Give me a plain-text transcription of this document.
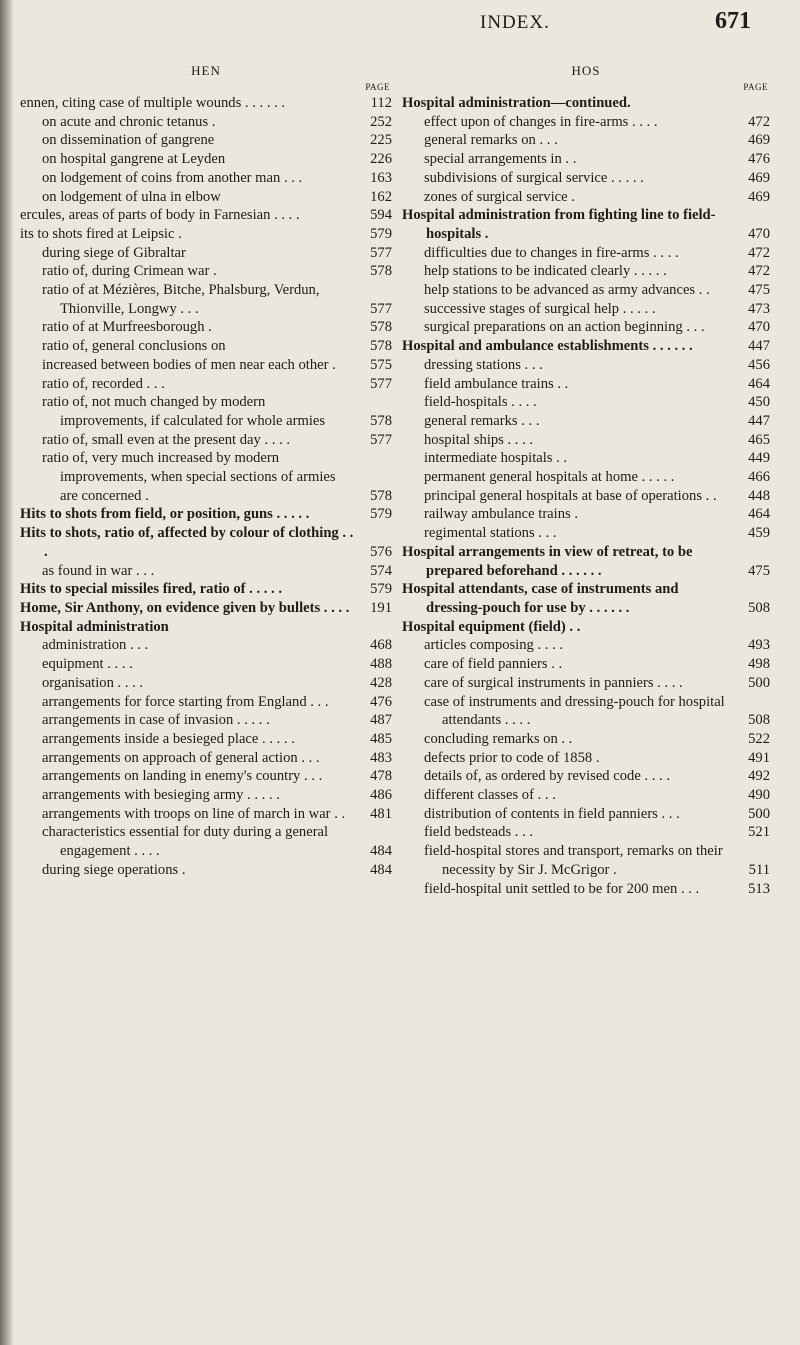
INDEX.	671
HEN
PAGE
ennen, citing case of multiple wounds . . . . . .	112
on acute and chronic tetanus .	252
on dissemination of gangrene	225
on hospital gangrene at Leyden	226
on lodgement of coins from another man . . .	163
on lodgement of ulna in elbow	162
ercules, areas of parts of body in Farnesian . . . .	594
its to shots fired at Leipsic .	579
during siege of Gibraltar	577
ratio of, during Crimean war .	578
ratio of at Mézières, Bitche, Phalsburg, Verdun, Thionville, Longwy . . .	577
ratio of at Murfreesborough .	578
ratio of, general conclusions on	578
increased between bodies of men near each other .	575
ratio of, recorded . . .	577
ratio of, not much changed by modern improvements, if calculated for whole armies	578
ratio of, small even at the present day . . . .	577
ratio of, very much increased by modern improvements, when special sections of armies are concerned .	578
Hits to shots from field, or position, guns . . . . .	579
Hits to shots, ratio of, affected by colour of clothing . . .	576
as found in war . . .	574
Hits to special missiles fired, ratio of . . . . .	579
Home, Sir Anthony, on evidence given by bullets . . . .	191
Hospital administration
administration . . .	468
equipment . . . .	488
organisation . . . .	428
arrangements for force starting from England . . .	476
arrangements in case of invasion . . . . .	487
arrangements inside a besieged place . . . . .	485
arrangements on approach of general action . . .	483
arrangements on landing in enemy's country . . .	478
arrangements with besieging army . . . . .	486
arrangements with troops on line of march in war . .	481
characteristics essential for duty during a general engagement . . . .	484
during siege operations .	484
HOS
PAGE
Hospital administration—continued.
effect upon of changes in fire-arms . . . .	472
general remarks on . . .	469
special arrangements in . .	476
subdivisions of surgical service . . . . .	469
zones of surgical service .	469
Hospital administration from fighting line to field-hospitals .	470
difficulties due to changes in fire-arms . . . .	472
help stations to be indicated clearly . . . . .	472
help stations to be advanced as army advances . .	475
successive stages of surgical help . . . . .	473
surgical preparations on an action beginning . . .	470
Hospital and ambulance establishments . . . . . .	447
dressing stations . . .	456
field ambulance trains . .	464
field-hospitals . . . .	450
general remarks . . .	447
hospital ships . . . .	465
intermediate hospitals . .	449
permanent general hospitals at home . . . . .	466
principal general hospitals at base of operations . .	448
railway ambulance trains .	464
regimental stations . . .	459
Hospital arrangements in view of retreat, to be prepared beforehand . . . . . .	475
Hospital attendants, case of instruments and dressing-pouch for use by . . . . . .	508
Hospital equipment (field) . .
articles composing . . . .	493
care of field panniers . .	498
care of surgical instruments in panniers . . . .	500
case of instruments and dressing-pouch for hospital attendants . . . .	508
concluding remarks on . .	522
defects prior to code of 1858 .	491
details of, as ordered by revised code . . . .	492
different classes of . . .	490
distribution of contents in field panniers . . .	500
field bedsteads . . .	521
field-hospital stores and transport, remarks on their necessity by Sir J. McGrigor .	511
field-hospital unit settled to be for 200 men . . .	513
